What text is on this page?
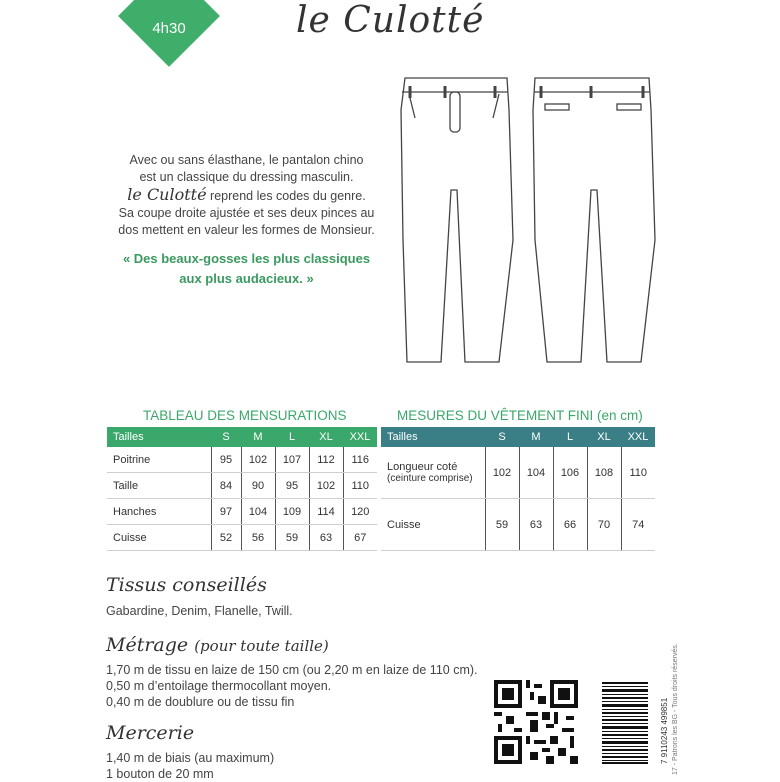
4h30	le Culotté
Avec ou sans élasthane, le pantalon chino
est un classique du dressing masculin.
le Culotté reprend les codes du genre.
Sa coupe droite ajustée et ses deux pinces au
dos mettent en valeur les formes de Monsieur.
« Des beaux-gosses les plus classiques
aux plus audacieux. »
TABLEAU DES MENSURATIONS
Tailles	S	M	L	XL	XXL
Poitrine	95	102	107	112	116
Taille	84	90	95	102	110
Hanches	97	104	109	114	120
Cuisse	52	56	59	63	67
MESURES DU VÊTEMENT FINI (en cm)
Tailles	S	M	L	XL	XXL

Longueur coté
(ceinture comprise)	102	104	106	108	110
Cuisse	59	63	66	70	74
Tissus conseillés
Gabardine, Denim, Flanelle, Twill.
Métrage (pour toute taille)
1,70 m de tissu en laize de 150 cm (ou 2,20 m en laize de 110 cm).
0,50 m d’entoilage thermocollant moyen.
0,40 m de doublure ou de tissu fin
Mercerie
1,40 m de biais (au maximum)
1 bouton de 20 mm
7 9110243 499851 17 - Patrons les BG - Tous droits réservés.
